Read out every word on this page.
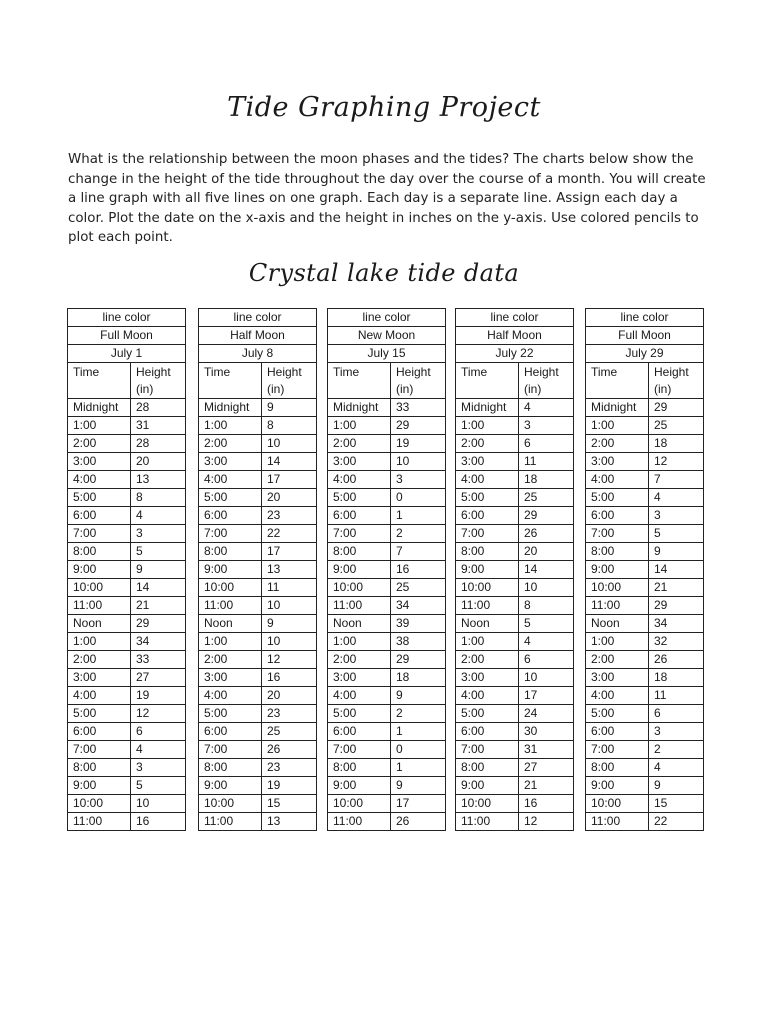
Tide Graphing Project
What is the relationship between the moon phases and the tides? The charts below show the change in the height of the tide throughout the day over the course of a month. You will create a line graph with all five lines on one graph. Each day is a separate line. Assign each day a color. Plot the date on the x-axis and the height in inches on the y-axis. Use colored pencils to plot each point.
Crystal lake tide data
line color	
Full Moon	
July 1	
Time	Height (in)
Midnight	28
1:00	31
2:00	28
3:00	20
4:00	13
5:00	8
6:00	4
7:00	3
8:00	5
9:00	9
10:00	14
11:00	21
Noon	29
1:00	34
2:00	33
3:00	27
4:00	19
5:00	12
6:00	6
7:00	4
8:00	3
9:00	5
10:00	10
11:00	16
line color	
Half Moon	
July 8	
Time	Height (in)
Midnight	9
1:00	8
2:00	10
3:00	14
4:00	17
5:00	20
6:00	23
7:00	22
8:00	17
9:00	13
10:00	11
11:00	10
Noon	9
1:00	10
2:00	12
3:00	16
4:00	20
5:00	23
6:00	25
7:00	26
8:00	23
9:00	19
10:00	15
11:00	13
line color	
New Moon	
July 15	
Time	Height (in)
Midnight	33
1:00	29
2:00	19
3:00	10
4:00	3
5:00	0
6:00	1
7:00	2
8:00	7
9:00	16
10:00	25
11:00	34
Noon	39
1:00	38
2:00	29
3:00	18
4:00	9
5:00	2
6:00	1
7:00	0
8:00	1
9:00	9
10:00	17
11:00	26
line color	
Half Moon	
July 22	
Time	Height (in)
Midnight	4
1:00	3
2:00	6
3:00	11
4:00	18
5:00	25
6:00	29
7:00	26
8:00	20
9:00	14
10:00	10
11:00	8
Noon	5
1:00	4
2:00	6
3:00	10
4:00	17
5:00	24
6:00	30
7:00	31
8:00	27
9:00	21
10:00	16
11:00	12
line color	
Full Moon	
July 29	
Time	Height (in)
Midnight	29
1:00	25
2:00	18
3:00	12
4:00	7
5:00	4
6:00	3
7:00	5
8:00	9
9:00	14
10:00	21
11:00	29
Noon	34
1:00	32
2:00	26
3:00	18
4:00	11
5:00	6
6:00	3
7:00	2
8:00	4
9:00	9
10:00	15
11:00	22
